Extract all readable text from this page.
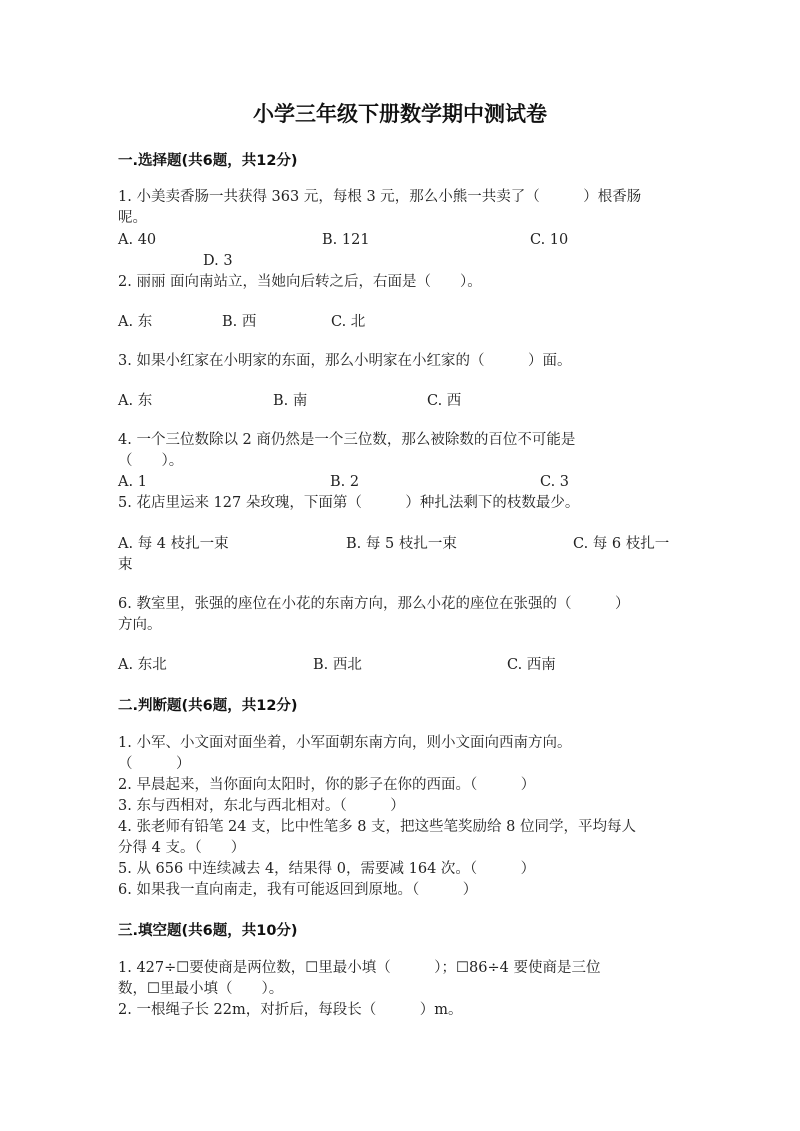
小学三年级下册数学期中测试卷
一.选择题(共6题，共12分)
1. 小美卖香肠一共获得 363 元，每根 3 元，那么小熊一共卖了（　　　）根香肠
呢。
A. 40	B. 121	C. 10
D. 3
2. 丽丽 面向南站立，当她向后转之后，右面是（　　）。
A. 东	B. 西	C. 北
3. 如果小红家在小明家的东面，那么小明家在小红家的（　　　）面。
A. 东	B. 南	C. 西
4. 一个三位数除以 2 商仍然是一个三位数，那么被除数的百位不可能是
（　　）。
A. 1	B. 2	C. 3
5. 花店里运来 127 朵玫瑰，下面第（　　　）种扎法剩下的枝数最少。
A. 每 4 枝扎一束	B. 每 5 枝扎一束	C. 每 6 枝扎一
束
6. 教室里，张强的座位在小花的东南方向，那么小花的座位在张强的（　　　）
方向。
A. 东北	B. 西北	C. 西南
二.判断题(共6题，共12分)
1. 小军、小文面对面坐着，小军面朝东南方向，则小文面向西南方向。
（　　　）
2. 早晨起来，当你面向太阳时，你的影子在你的西面。（　　　）
3. 东与西相对，东北与西北相对。（　　　）
4. 张老师有铅笔 24 支，比中性笔多 8 支，把这些笔奖励给 8 位同学，平均每人
分得 4 支。（　　）
5. 从 656 中连续减去 4，结果得 0，需要减 164 次。（　　　）
6. 如果我一直向南走，我有可能返回到原地。（　　　）
三.填空题(共6题，共10分)
1. 427÷☐要使商是两位数，☐里最小填（　　　）；☐86÷4 要使商是三位
数，☐里最小填（　　）。
2. 一根绳子长 22m，对折后，每段长（　　　）m。
